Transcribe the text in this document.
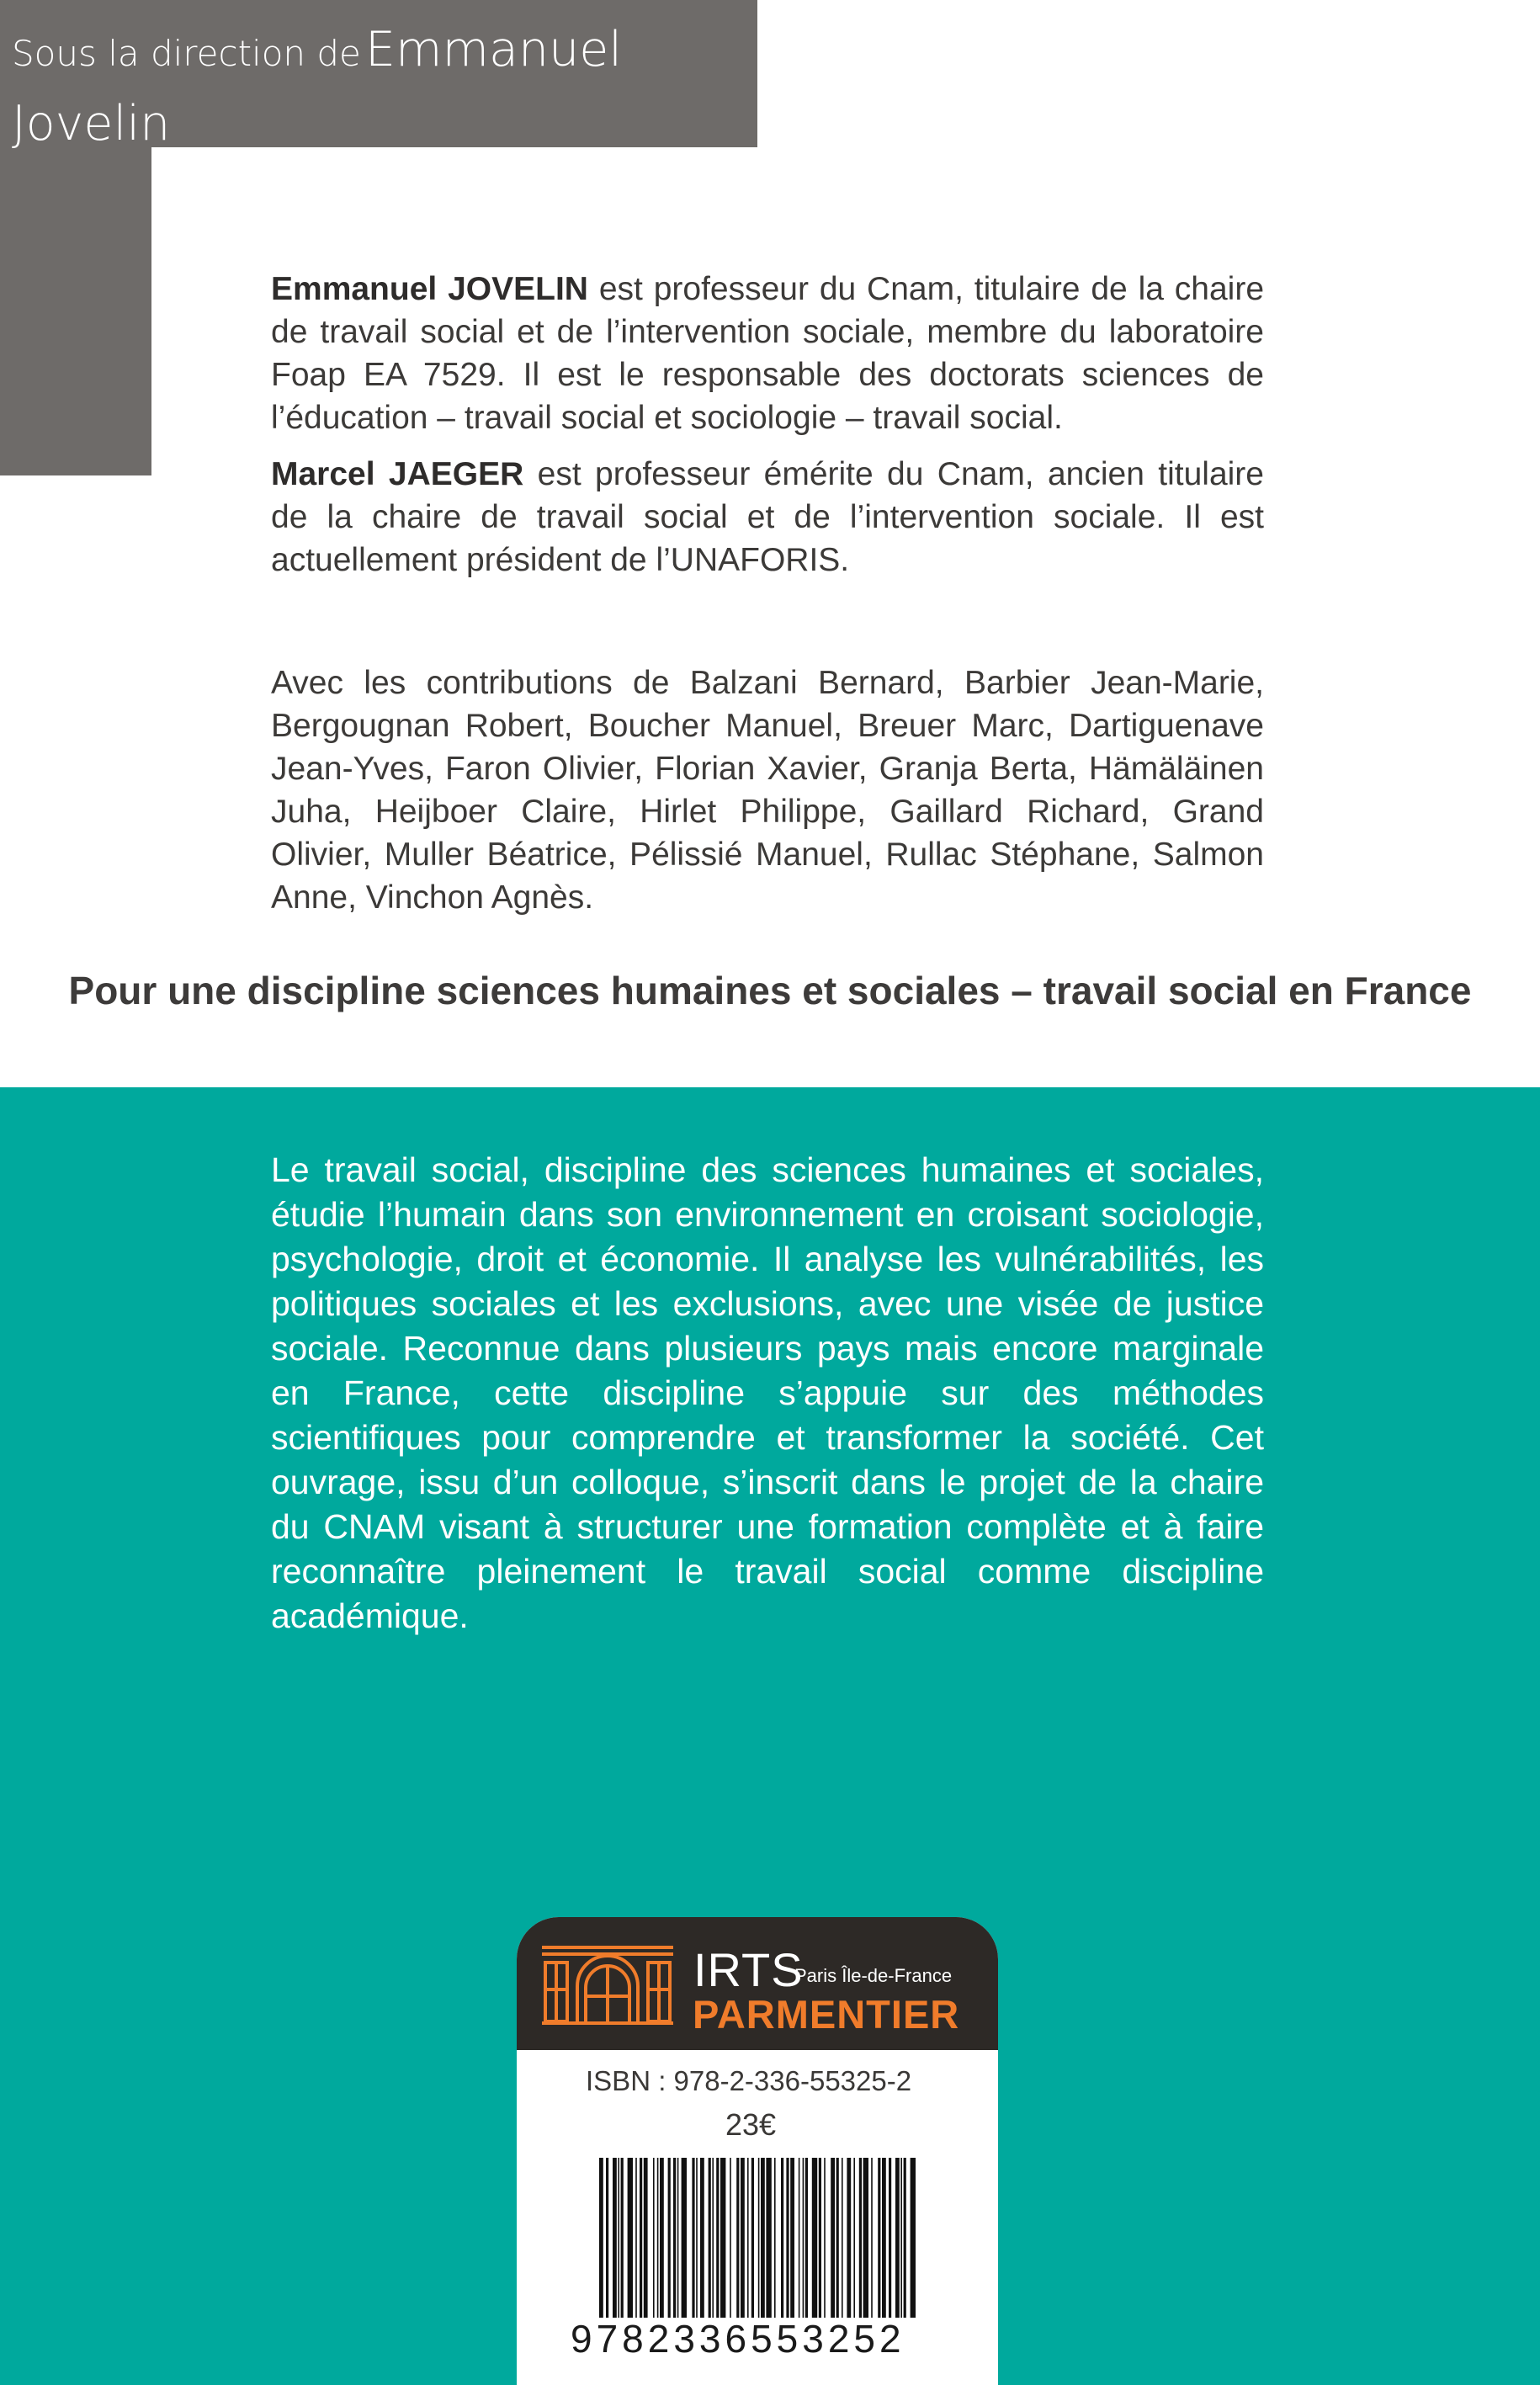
Sous la direction de Emmanuel Jovelin
et Marcel Jaeger

Emmanuel JOVELIN est professeur du Cnam, titulaire de la chaire de travail social et de l’intervention sociale, membre du laboratoire Foap EA 7529. Il est le responsable des doctorats sciences de l’éducation – travail social et sociologie – travail social.

Marcel JAEGER est professeur émérite du Cnam, ancien titulaire de la chaire de travail social et de l’intervention sociale. Il est actuellement président de l’UNAFORIS.

Avec les contributions de Balzani Bernard, Barbier Jean-Marie, Bergougnan Robert, Boucher Manuel, Breuer Marc, Dartiguenave Jean-Yves, Faron Olivier, Florian Xavier, Granja Berta, Hämäläinen Juha, Heijboer Claire, Hirlet Philippe, Gaillard Richard, Grand Olivier, Muller Béatrice, Pélissié Manuel, Rullac Stéphane, Salmon Anne, Vinchon Agnès.

Pour une discipline sciences humaines et sociales – travail social en France
Le travail social, discipline des sciences humaines et sociales, étudie l’humain dans son environnement en croisant sociologie, psychologie, droit et économie. Il analyse les vulnérabilités, les politiques sociales et les exclusions, avec une visée de justice sociale. Reconnue dans plusieurs pays mais encore marginale en France, cette discipline s’appuie sur des méthodes scientifiques pour comprendre et transformer la société. Cet ouvrage, issu d’un colloque, s’inscrit dans le projet de la chaire du CNAM visant à structurer une formation complète et à faire reconnaître pleinement le travail social comme discipline académique.
IRTS
Paris Île-de-France
PARMENTIER
ISBN : 978-2-336-55325-2
23€
9782336553252
